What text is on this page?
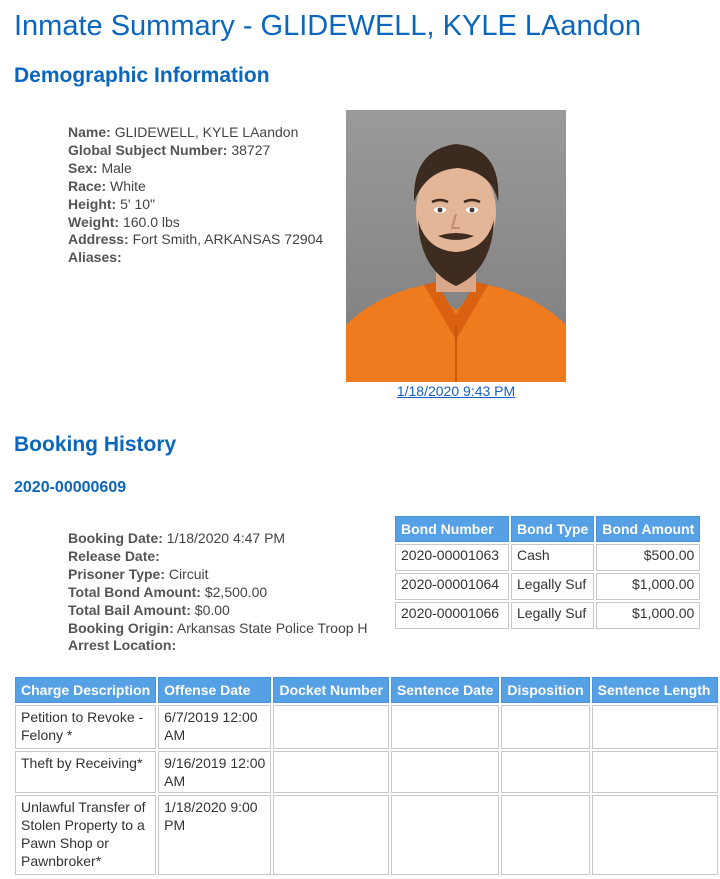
Inmate Summary - GLIDEWELL, KYLE LAandon
Demographic Information
Name: GLIDEWELL, KYLE LAandon
Global Subject Number: 38727
Sex: Male
Race: White
Height: 5' 10"
Weight: 160.0 lbs
Address: Fort Smith, ARKANSAS 72904
Aliases:
1/18/2020 9:43 PM
Booking History
2020-00000609
Booking Date: 1/18/2020 4:47 PM
Release Date:
Prisoner Type: Circuit
Total Bond Amount: $2,500.00
Total Bail Amount: $0.00
Booking Origin: Arkansas State Police Troop H
Arrest Location:
Bond Number	Bond Type	Bond Amount
2020-00001063	Cash	$500.00
2020-00001064	Legally Suf	$1,000.00
2020-00001066	Legally Suf	$1,000.00
Charge Description	Offense Date	Docket Number	Sentence Date	Disposition	Sentence Length
Petition to Revoke - Felony *	6/7/2019 12:00 AM				
Theft by Receiving*	9/16/2019 12:00 AM				
Unlawful Transfer of Stolen Property to a Pawn Shop or Pawnbroker*	1/18/2020 9:00 PM				
